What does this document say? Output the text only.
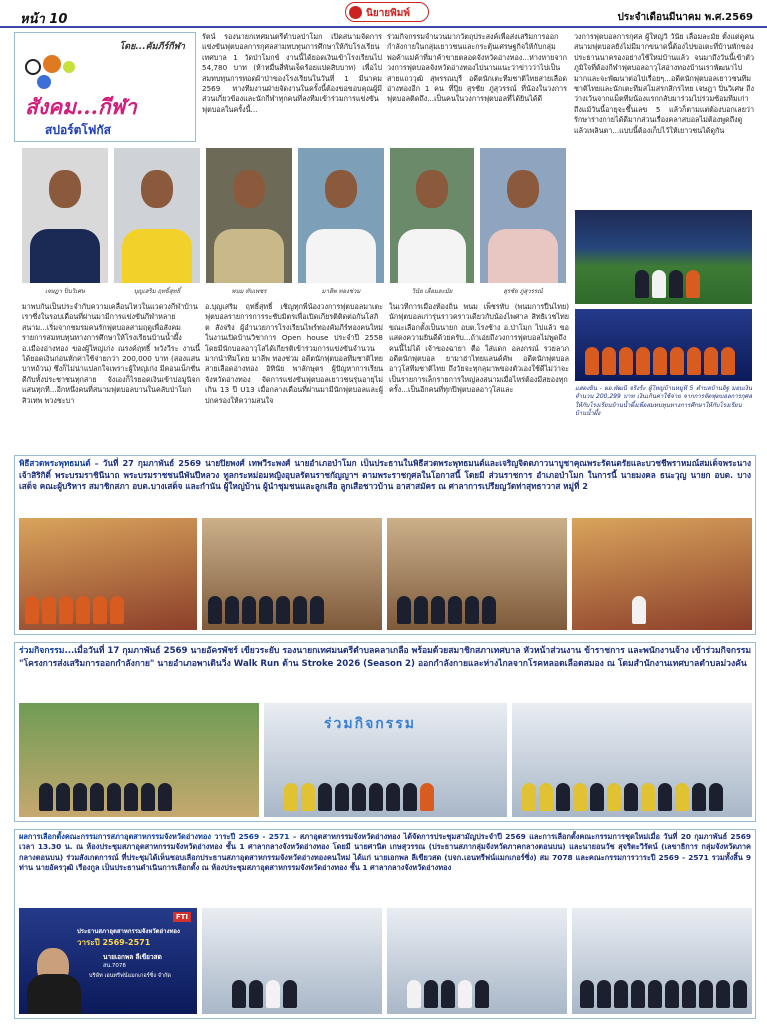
หน้า 10	นิยายพิมพ์	ประจำเดือนมีนาคม พ.ศ.2569
โดย...คัมภีร์กีฬา
สังคม...กีฬา
สปอร์ตโฟกัส
รัตน์ รองนายกเทศมนตรีตำบลป่าโมก เปิดสนามจัดการแข่งขันฟุตบอลการกุศลสามทบทุนการศึกษาให้กับโรงเรียนเทศบาล 1 วัดป่าโมกข์ งานนี้ได้ยอดเงินเข้าโรงเรียนไป 54,780 บาท (ห้าหมื่นสี่พันเจ็ดร้อยแปดสิบบาท) เพื่อไปสมทบทุนการทอดผ้าป่าของโรงเรียนในวันที่ 1 มีนาคม 2569 ทางทีมงานฝ่ายจัดงานในครั้งนี้ต้องขอขอบคุณผู้มีส่วนเกี่ยวข้องและนักกีฬาทุกคนที่ลงทีมเข้าร่วมการแข่งขันฟุตบอลในครั้งนี้...
ร่วมกิจกรรมจำนวนมากวัตถุประสงค์เพื่อส่งเสริมการออกกำลังกายในกลุ่มเยาวชนและกระตุ้นเศรษฐกิจให้กับกลุ่มพ่อค้าแม่ค้าที่มาค้าขายตลอดจังหวัดอ่างทอง...ห่างหายจากวงการฟุตบอลจังหวัดอ่างทองไปนานแนะว่าข่าวว่าไปเป็นสายแถววุฒิ สุพรรณบุรี อดีตนักเตะทีมชาติไทยสายเลือดอ่างทองอีก 1 คน ที่ปุ๊ย สุรชัย ภู่สุวรรณ์ ที่น้องในวงการฟุตบอลติดถึง...เป็นคนในวงการฟุตบอลที่ได้ยินได้ดี
วงการฟุตบอลการกุศล ผู้ใหญ่วิ วันัย เลื่อมละมัย ตั้งแต่ดูคนสนามฟุตบอลยังไม่มีมากขนาดนี้ต้องไปขอเตะที่บ้านพักของประธานนาครองอย่างใช้ใหม่บ้านแล้ว จนมาถึงวันนี้เข้าตัวภูมิใจที่ต้องกีฬาฟุตบอลอาวุโสอ่างทองบ้านเราพัฒนาไปมากและจะพัฒนาต่อไปเรื่อยๆ...อดีตนักฟุตบอลเยาวชนทีมชาติไทยและนักเตะทีมสโมสรกสิกรไทย เจษฎา ปิ่นวิเศษ ถีงว่างเว้นจากแม็ตทีมน้องแรกกลับมาร่วมไปร่วมซ้อมทีมเก่า ถึงแม้วันนี้อายุจะขึ้นเลข 5 แล้วก็ตามแต่ต้องบอกเลยว่ารักษาร่างกายได้ดีมากส่วนเรื่องคลาสบอลไม่ต้องพูดถึงดูแล้วเพลินตา...แบบนี้ต้องเก็บไว้ให้เยาวชนได้ดูกัน
เจษฎา ปิ่นวิเศษ	บุญเสริม ฤทธิ์สุทธิ์	พนม ทับเพชร	มาลีพ ทองช่วม	วินัย เลื่อมละมัย	สุรชัย ภู่สุวรรณ์
แสดงยิน - ผอ.พัฒนิ์ จริงร้ะ ผู้ใหญ่บ้านหมู่ที่ 5 ตำบลบ้านอิฐ มอบเงินจำนวน 200,299 บาท เงินเกินค่าใช้จ่าย จากการจัดฟุตบอลการกุศลให้กับโรงเรียนบ้านน้ำผึ้งเพื่อสมทบทุนทางการศึกษาให้กับโรงเรียนบ้านน้ำผึ้ง
มาพบกันเป็นประจำกับความเคลื่อนไหวในแวดวงกีฬาบ้านเราซึ่งในรอบเดือนที่ผ่านมามีการแข่งขันกีฬาหลายสนาม...เริ่มจากชมรมคนรักฟุตบอลสามฤดูเพื่อสังคม รายการสมทบทุนทางการศึกษาให้โรงเรียนบ้านน้ำผึ้ง อ.เมืองอ่างทอง ของผู้ใหญ่เก่ง ณรงค์ฤทธิ์ พวังวีระ งานนี้ได้ยอดเงินก่อนหักค่าใช้จ่ายกว่า 200,000 บาท (สองแสนบาทถ้วน) ซึ่งก็ไม่น่าแปลกใจเพราะผู้ใหญ่เก่ง มีคอนเน็กชั่นดีกับทั้งประชาชนทุกสาย จังเองก็ไรยอดเงินเข้าบ่อมูนิจกแสนทุกที...อีกหนึ่งคนที่สนามฟุตบอลบานในคลับป่าโมก สิวเทพ พวงชะบา
อ.บุญเสริม ฤทธิ์สุทธิ์ เชิญทุกพี่น้องวงการฟุตบอลมาเตะฟุตบอลรายการการระชับมิตรเพื่อเปิดเกียรติติดต่อกันโสภิต สังจริง ผู้อำนวยการโรงเรียนไพร์ทองคัมภีร์ทองคนใหม่ ในงานเปิดบ้านวิชาการ Open house ประจำปี 2558 โดยมีนักบอลอาวุโสได้เกียรติเข้าร่วมการแข่งขันจำนวนมากนำทีมโดย มาลีพ ทองช่วม อดีตนักฟุตบอลทีมชาติไทยสายเลือดอ่างทอง อิทินัย พาลักษุตร ผู้ปัญหาการเรียนจังหวัดอ่างทอง จัดการแข่งขันฟุตบอลเยาวชนรุ่นอายุไม่เกิน 13 ปี U13 เมื่อกลางเดือนที่ผ่านมามีนักฟุตบอลและผู้ปกครองให้ความสนใจ
ในเวทีการเมืองท้องถิ่น พนม เพ็ชรทับ (พนมการปืนไทย) นักฟุตบอลเก่ารุ่นราวคราวเดียวกับน้องไพศาล สิทธิเวชไทย ขณะเลือกตั้งเป็นนายก อบต.โรงช้าง อ.ป่าโมก ไปแล้ว ขอแสดงความยินดีด้วยครับ...ถ้าเอ่ยถึงวงการฟุตบอลไม่พูดถึงคนนี้ไม่ได้ เจ้าของฉายา ตือ ใส่แดก อลงกรณ์ รวยลาภ อดีตนักฟุตบอล ยามาฮ่าไทยแลนด์คัพ อดีตนักฟุตบอลอาวุโสทีมชาติไทย ถึงวัยจะทุกลุมาพของตัวเองใช้ดีไม่ว่าจะเป็นรายการเล็กรายการใหญ่ลงสนามเมื่อไหร่ต้องมีสยองทุกครั้ง...เป็นอีกคนที่ทุกปีฟุตบอลอาวุโสและ
พิธีสวดพระพุทธมนต์ – วันที่ 27 กุมภาพันธ์ 2569 นายปิยพงศ์ เทพวีระพงศ์ นายอำเภอป่าโมก เป็นประธานในพิธีสวดพระพุทธมนต์และเจริญจิตตภาวนาบูชาคุณพระรัตนตรัยและบวชชีพราหมณ์สมเด็จพระนางเจ้าสิริกิติ์ พระบรมราชินีนาถ พระบรมราชชนนีพันปีหลวง ทูลกระหม่อมหญิงอุบลรัตนราชกัญญาฯ ตามพระราชกุศลในโอกาสนี้ โดยมี ส่วนราชการ อำเภอป่าโมก ในการนี้ นายมงคล ธนะวุญ นายก อบต. บางเสด็จ คณะผู้บริหาร สมาชิกสภา อบต.บางเสด็จ และกำนัน ผู้ใหญ่บ้าน ผู้นำชุมชนและลูกเสือ ลูกเสือชาวบ้าน อาสาสมัคร ณ ศาลาการเปรียญวัดท่าสุทธาวาส หมู่ที่ 2
ร่วมกิจกรรม...เมื่อวันที่ 17 กุมภาพันธ์ 2569 นายอัครพัชร์ เขียวระยับ รองนายกเทศมนตรีตำบลคลาเกลือ พร้อมด้วยสมาชิกสภาเทศบาล หัวหน้าส่วนงาน ข้าราชการ และพนักงานจ้าง เข้าร่วมกิจกรรม "โครงการส่งเสริมการออกกำลังกาย" นายอำเภอพาเดินวิ่ง Walk Run ต้าน Stroke 2026 (Season 2) ออกกำลังกายและห่างไกลจากโรคหลอดเลือดสมอง ณ โดมสำนักงานเทศบาลตำบลม่วงคัน
ร่วมกิจกรรม
ผลการเลือกตั้งคณะกรรมการสภาอุตสาหกรรมจังหวัดอ่างทอง วาระปี 2569 - 2571 – สภาอุตสาหกรรมจังหวัดอ่างทอง ได้จัดการประชุมสามัญประจำปี 2569 และการเลือกตั้งคณะกรรมการชุดใหม่เมื่อ วันที่ 20 กุมภาพันธ์ 2569 เวลา 13.30 น. ณ ห้องประชุมสภาอุตสาหกรรมจังหวัดอ่างทอง ชั้น 1 ศาลากลางจังหวัดอ่างทอง โดยมี นายศานิต เกษสุวรรณ (ประธานสภากลุ่มจังหวัดภาคกลางตอนบน) และนายอนวัช สุจริตะวิรัตน์ (เลขาธิการ กลุ่มจังหวัดภาคกลางตอนบน) ร่วมสังเกตการณ์ ที่ประชุมได้เห็นชอบเลือกประธานสภาอุตสาหกรรมจังหวัดอ่างทองคนใหม่ ได้แก่ นายเอกพล ลีเขียวสด (บจก.เอนทรีฟน์แมกเกอร์ซิ่ง) สม 7078 และคณะกรรมการวาระปี 2569 - 2571 รวมทั้งสิ้น 9 ท่าน นายอัครวุฒิ เรืองกูล เป็นประธานดำเนินการเลือกตั้ง ณ ห้องประชุมสภาอุตสาหกรรมจังหวัดอ่างทอง ชั้น 1 ศาลากลางจังหวัดอ่างทอง
FTI
ประธานสภาอุตสาหกรรมจังหวัดอ่างทอง
วาระปี 2569-2571
นายเอกพล ลีเขียวสด
สน.7078
บริษัท เอนทรีฟน์แมกเกอร์ซิ่ง จำกัด
